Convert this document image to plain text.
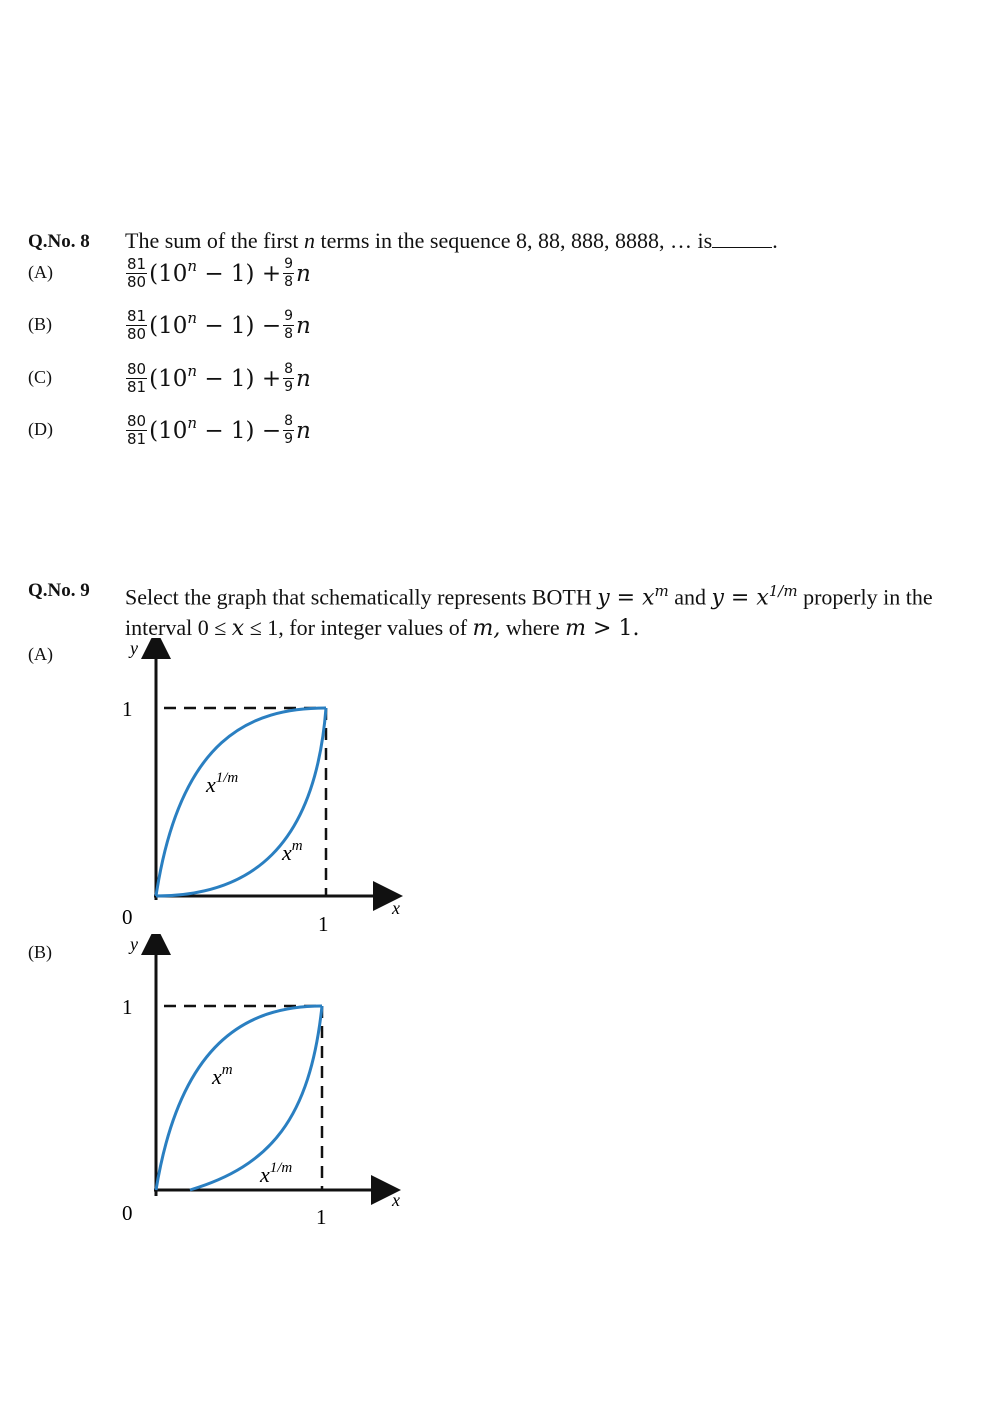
Q.No. 8 The sum of the first n terms in the sequence 8, 88, 888, 8888, … is	.
(A)	$\frac{81}{80} (10^n - 1) + \frac{9}{8}$ n
(B)	$\frac{81}{80} (10^n - 1) - \frac{9}{8}$ n
(C)	$\frac{80}{81} (10^n - 1) + \frac{8}{9}$ n
(D)	$\frac{80}{81} (10^n - 1) - \frac{8}{9}$ n
Q.No. 9 Select the graph that schematically represents BOTH $y = x^m$ and $y = x^{1/m}$ properly in the
interval 0 ≤ x ≤ 1, for integer values of m, where m > 1.
(A)
(B)
y
x
1
1
0
$x^{1/m}$
$x^m$
y
x
1
1
0
$x^m$
$x^{1/m}$
